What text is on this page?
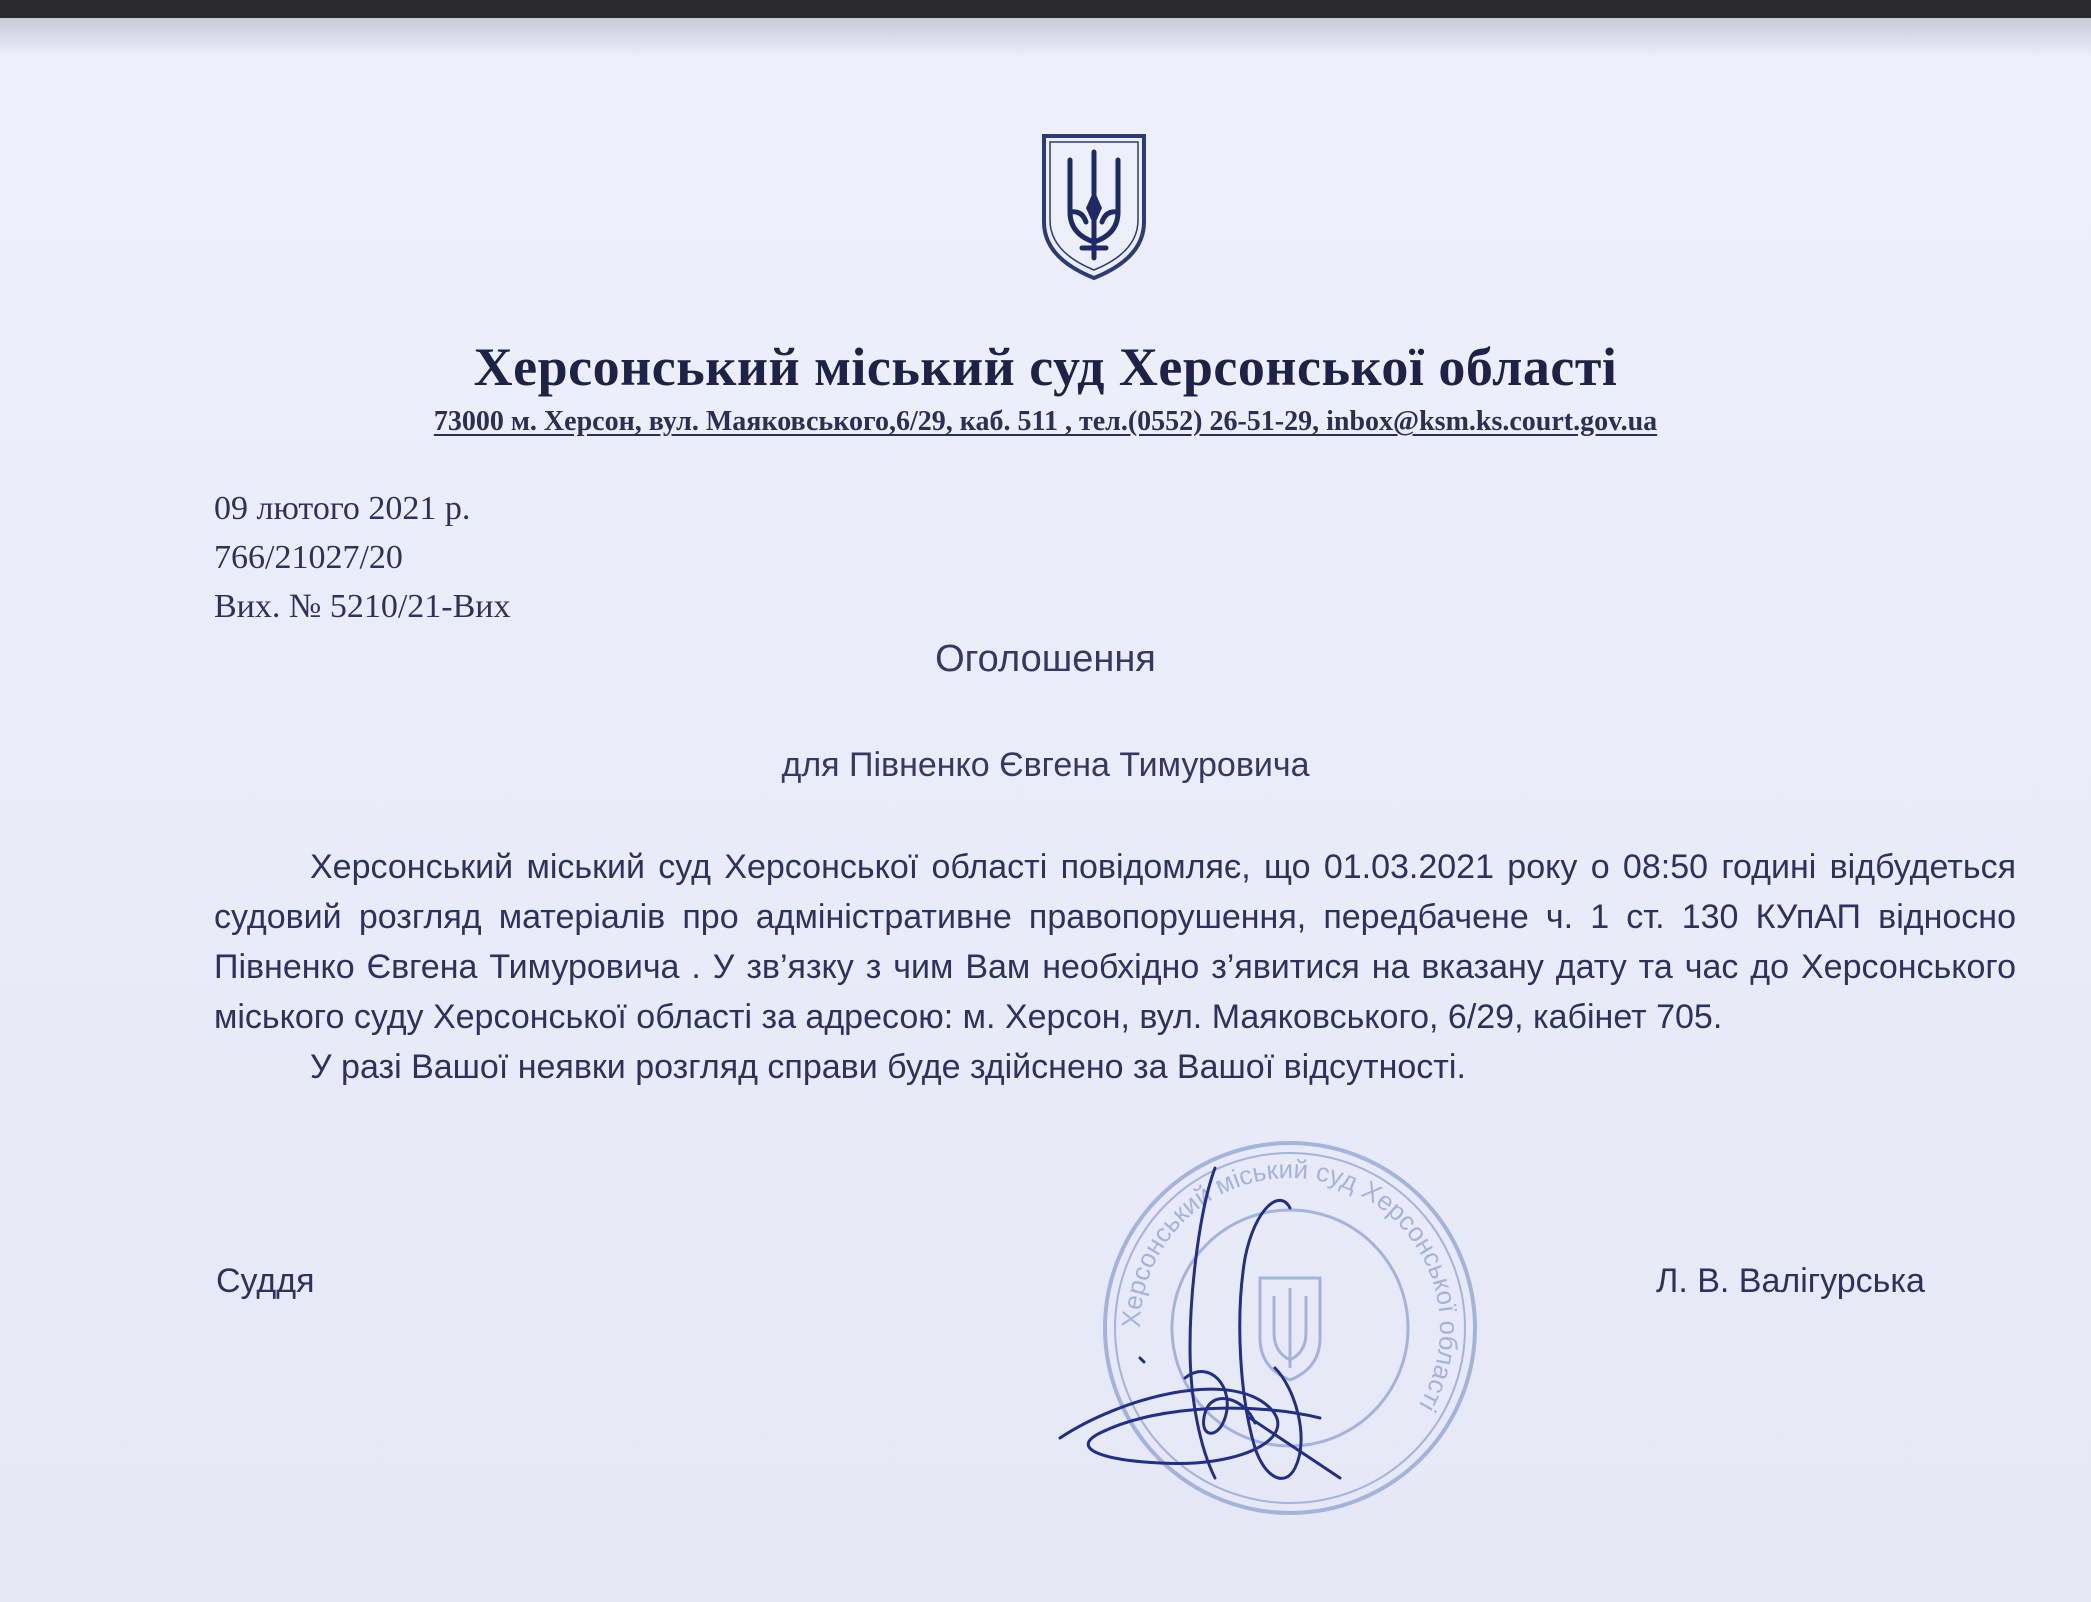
Херсонський міський суд Херсонської області
73000 м. Херсон, вул. Маяковського,6/29, каб. 511 , тел.(0552) 26-51-29, inbox@ksm.ks.court.gov.ua
09 лютого 2021 р.
766/21027/20
Вих. № 5210/21-Вих
Оголошення
для Півненко Євгена Тимуровича

Херсонський міський суд Херсонської області повідомляє, що 01.03.2021 року о 08:50 годині відбудеться судовий розгляд матеріалів про адміністративне правопорушення, передбачене ч. 1 ст. 130 КУпАП відносно Півненко Євгена Тимуровича . У зв’язку з чим Вам необхідно з’явитися на вказану дату та час до Херсонського міського суду Херсонської області за адресою: м. Херсон, вул. Маяковського, 6/29, кабінет 705.

У разі Вашої неявки розгляд справи буде здійснено за Вашої відсутності.

Херсонський міський суд Херсонської області
Суддя	Л. В. Валігурська
